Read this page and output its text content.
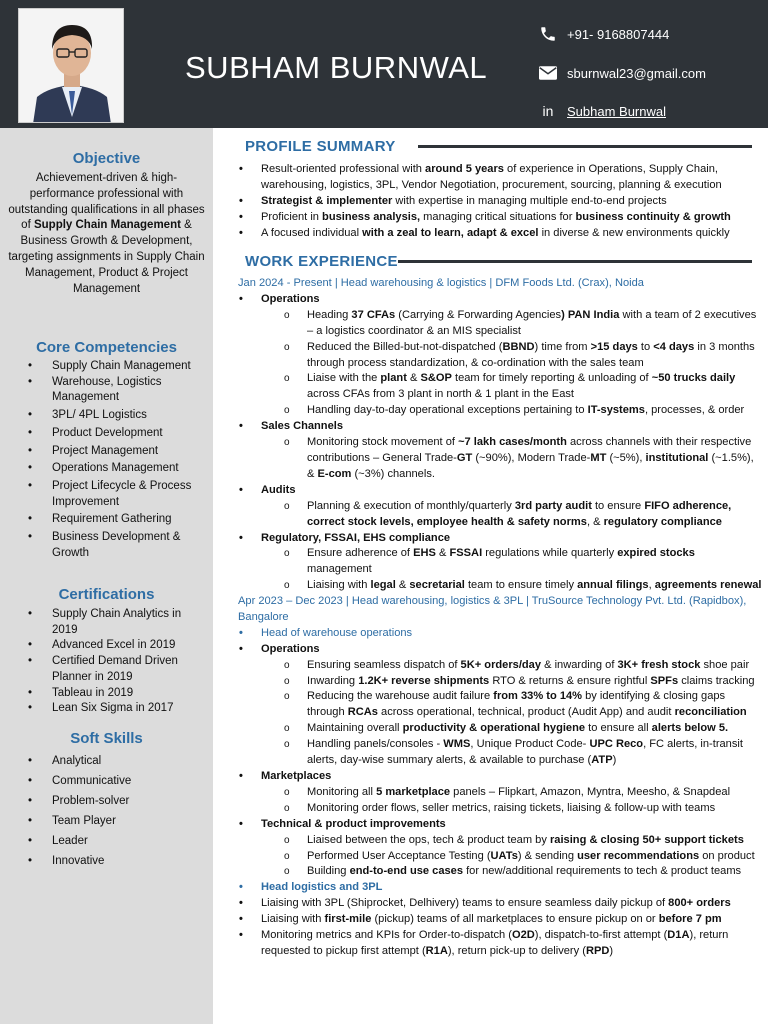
SUBHAM BURNWAL
+91- 9168807444
sburnwal23@gmail.com
in	Subham Burnwal
Objective
Achievement-driven & high-performance professional with outstanding qualifications in all phases of Supply Chain Management & Business Growth & Development, targeting assignments in Supply Chain Management, Product & Project Management
Core Competencies
• Supply Chain Management
• Warehouse, Logistics Management
• 3PL/ 4PL Logistics
• Product Development
• Project Management
• Operations Management
• Project Lifecycle & Process Improvement
• Requirement Gathering
• Business Development & Growth
Certifications
• Supply Chain Analytics in 2019
• Advanced Excel in 2019
• Certified Demand Driven Planner in 2019
• Tableau in 2019
• Lean Six Sigma in 2017
Soft Skills
• Analytical
• Communicative
• Problem-solver
• Team Player
• Leader
• Innovative
PROFILE SUMMARY
• Result-oriented professional with around 5 years of experience in Operations, Supply Chain, warehousing, logistics, 3PL, Vendor Negotiation, procurement, sourcing, planning & execution
• Strategist & implementer with expertise in managing multiple end-to-end projects
• Proficient in business analysis, managing critical situations for business continuity & growth
• A focused individual with a zeal to learn, adapt & excel in diverse & new environments quickly
WORK EXPERIENCE
Jan 2024 - Present | Head warehousing & logistics | DFM Foods Ltd. (Crax), Noida
• Operations
o Heading 37 CFAs (Carrying & Forwarding Agencies) PAN India with a team of 2 executives – a logistics coordinator & an MIS specialist
o Reduced the Billed-but-not-dispatched (BBND) time from >15 days to <4 days in 3 months through process standardization, & co-ordination with the sales team
o Liaise with the plant & S&OP team for timely reporting & unloading of ~50 trucks daily across CFAs from 3 plant in north & 1 plant in the East
o Handling day-to-day operational exceptions pertaining to IT-systems, processes, & order
• Sales Channels
o Monitoring stock movement of ~7 lakh cases/month across channels with their respective contributions – General Trade-GT (~90%), Modern Trade-MT (~5%), institutional (~1.5%), & E-com (~3%) channels.
• Audits
o Planning & execution of monthly/quarterly 3rd party audit to ensure FIFO adherence, correct stock levels, employee health & safety norms, & regulatory compliance
• Regulatory, FSSAI, EHS compliance
o Ensure adherence of EHS & FSSAI regulations while quarterly expired stocks management
o Liaising with legal & secretarial team to ensure timely annual filings, agreements renewal
Apr 2023 – Dec 2023 | Head warehousing, logistics & 3PL | TruSource Technology Pvt. Ltd. (Rapidbox), Bangalore
• Head of warehouse operations
• Operations
o Ensuring seamless dispatch of 5K+ orders/day & inwarding of 3K+ fresh stock shoe pair
o Inwarding 1.2K+ reverse shipments RTO & returns & ensure rightful SPFs claims tracking
o Reducing the warehouse audit failure from 33% to 14% by identifying & closing gaps through RCAs across operational, technical, product (Audit App) and audit reconciliation
o Maintaining overall productivity & operational hygiene to ensure all alerts below 5.
o Handling panels/consoles - WMS, Unique Product Code- UPC Reco, FC alerts, in-transit alerts, day-wise summary alerts, & available to purchase (ATP)
• Marketplaces
o Monitoring all 5 marketplace panels – Flipkart, Amazon, Myntra, Meesho, & Snapdeal
o Monitoring order flows, seller metrics, raising tickets, liaising & follow-up with teams
• Technical & product improvements
o Liaised between the ops, tech & product team by raising & closing 50+ support tickets
o Performed User Acceptance Testing (UATs) & sending user recommendations on product
o Building end-to-end use cases for new/additional requirements to tech & product teams
• Head logistics and 3PL
• Liaising with 3PL (Shiprocket, Delhivery) teams to ensure seamless daily pickup of 800+ orders
• Liaising with first-mile (pickup) teams of all marketplaces to ensure pickup on or before 7 pm
• Monitoring metrics and KPIs for Order-to-dispatch (O2D), dispatch-to-first attempt (D1A), return requested to pickup first attempt (R1A), return pick-up to delivery (RPD)
